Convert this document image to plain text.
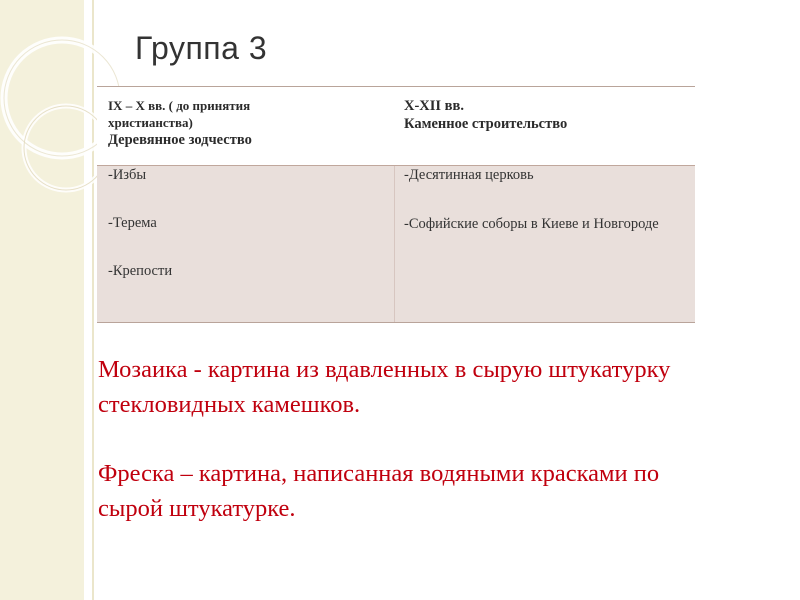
Группа 3
IX – X вв. ( до принятия
христианства)
Деревянное зодчество
X-XII вв.
Каменное строительство
-Избы
-Терема
-Крепости
-Десятинная церковь
-Софийские соборы в Киеве и Новгороде

Мозаика - картина из вдавленных в сырую штукатурку стекловидных камешков.

Фреска – картина, написанная водяными красками по сырой штукатурке.
